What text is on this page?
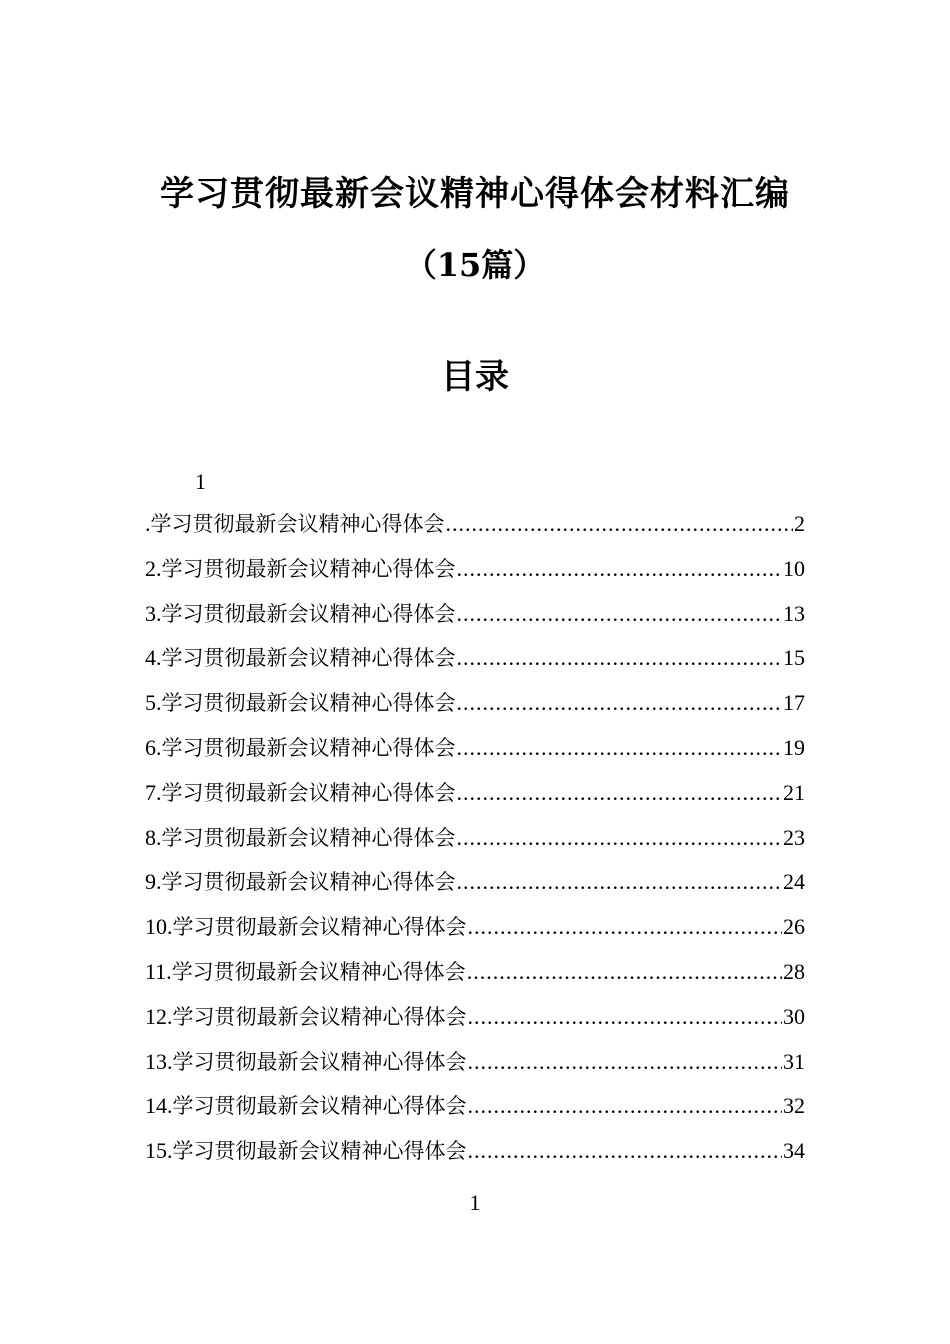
学习贯彻最新会议精神心得体会材料汇编
（15篇）
目录
1
. 学习贯彻最新会议精神心得体会 .....	2
2. 学习贯彻最新会议精神心得体会 .....	10
3. 学习贯彻最新会议精神心得体会 .....	13
4. 学习贯彻最新会议精神心得体会 .....	15
5. 学习贯彻最新会议精神心得体会 .....	17
6. 学习贯彻最新会议精神心得体会 .....	19
7. 学习贯彻最新会议精神心得体会 .....	21
8. 学习贯彻最新会议精神心得体会 .....	23
9. 学习贯彻最新会议精神心得体会 .....	24
10. 学习贯彻最新会议精神心得体会 .....	26
11. 学习贯彻最新会议精神心得体会 .....	28
12. 学习贯彻最新会议精神心得体会 .....	30
13. 学习贯彻最新会议精神心得体会 .....	31
14. 学习贯彻最新会议精神心得体会 .....	32
15. 学习贯彻最新会议精神心得体会 .....	34
1
